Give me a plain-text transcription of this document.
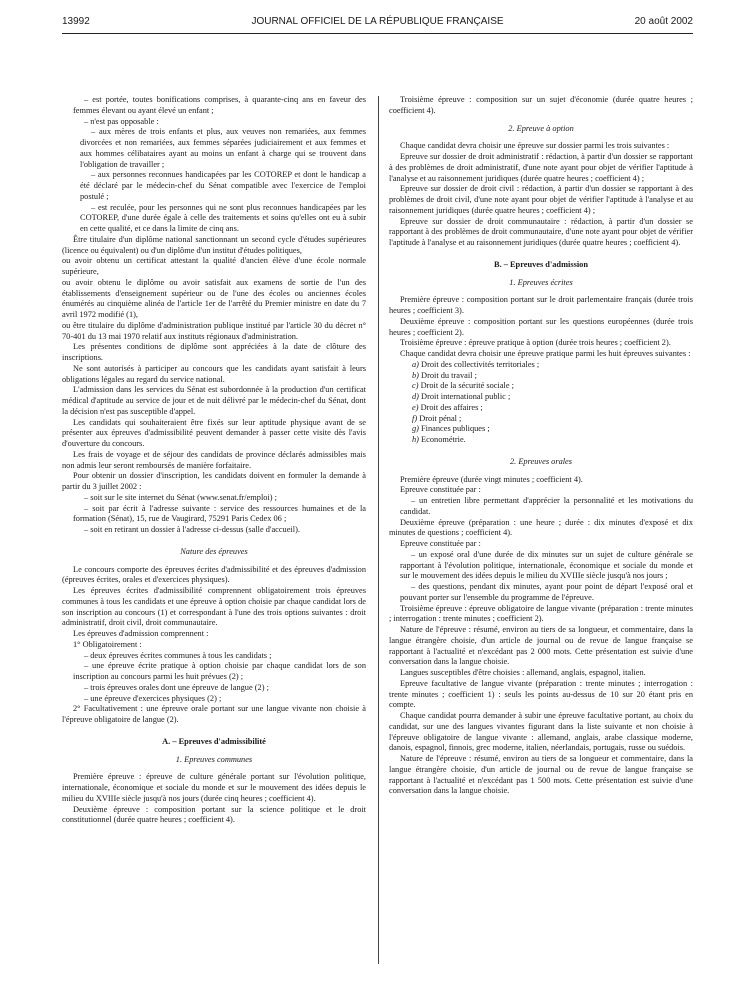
13992	JOURNAL OFFICIEL DE LA RÉPUBLIQUE FRANÇAISE	20 août 2002

– est portée, toutes bonifications comprises, à quarante-cinq ans en faveur des femmes élevant ou ayant élevé un enfant ;

– n'est pas opposable :

– aux mères de trois enfants et plus, aux veuves non remariées, aux femmes divorcées et non remariées, aux femmes séparées judiciairement et aux femmes et aux hommes célibataires ayant au moins un enfant à charge qui se trouvent dans l'obligation de travailler ;

– aux personnes reconnues handicapées par les COTOREP et dont le handicap a été déclaré par le médecin-chef du Sénat compatible avec l'exercice de l'emploi postulé ;

– est reculée, pour les personnes qui ne sont plus reconnues handicapées par les COTOREP, d'une durée égale à celle des traitements et soins qu'elles ont eu à subir en cette qualité, et ce dans la limite de cinq ans.

Être titulaire d'un diplôme national sanctionnant un second cycle d'études supérieures (licence ou équivalent) ou d'un diplôme d'un institut d'études politiques,

ou avoir obtenu un certificat attestant la qualité d'ancien élève d'une école normale supérieure,

ou avoir obtenu le diplôme ou avoir satisfait aux examens de sortie de l'un des établissements d'enseignement supérieur ou de l'une des écoles ou anciennes écoles énumérés au cinquième alinéa de l'article 1er de l'arrêté du Premier ministre en date du 7 avril 1972 modifié (1),

ou être titulaire du diplôme d'administration publique institué par l'article 30 du décret n° 70-401 du 13 mai 1970 relatif aux instituts régionaux d'administration.

Les présentes conditions de diplôme sont appréciées à la date de clôture des inscriptions.

Ne sont autorisés à participer au concours que les candidats ayant satisfait à leurs obligations légales au regard du service national.

L'admission dans les services du Sénat est subordonnée à la production d'un certificat médical d'aptitude au service de jour et de nuit délivré par le médecin-chef du Sénat, dont la décision n'est pas susceptible d'appel.

Les candidats qui souhaiteraient être fixés sur leur aptitude physique avant de se présenter aux épreuves d'admissibilité peuvent demander à passer cette visite dès l'avis d'ouverture du concours.

Les frais de voyage et de séjour des candidats de province déclarés admissibles mais non admis leur seront remboursés de manière forfaitaire.

Pour obtenir un dossier d'inscription, les candidats doivent en formuler la demande à partir du 3 juillet 2002 :

– soit sur le site internet du Sénat (www.senat.fr/emploi) ;

– soit par écrit à l'adresse suivante : service des ressources humaines et de la formation (Sénat), 15, rue de Vaugirard, 75291 Paris Cedex 06 ;

– soit en retirant un dossier à l'adresse ci-dessus (salle d'accueil).

Nature des épreuves

Le concours comporte des épreuves écrites d'admissibilité et des épreuves d'admission (épreuves écrites, orales et d'exercices physiques).

Les épreuves écrites d'admissibilité comprennent obligatoirement trois épreuves communes à tous les candidats et une épreuve à option choisie par chaque candidat lors de son inscription au concours (1) et correspondant à l'une des trois options suivantes : droit administratif, droit civil, droit communautaire.

Les épreuves d'admission comprennent :

1° Obligatoirement :

– deux épreuves écrites communes à tous les candidats ;

– une épreuve écrite pratique à option choisie par chaque candidat lors de son inscription au concours parmi les huit prévues (2) ;

– trois épreuves orales dont une épreuve de langue (2) ;

– une épreuve d'exercices physiques (2) ;

2° Facultativement : une épreuve orale portant sur une langue vivante non choisie à l'épreuve obligatoire de langue (2).

A. – Epreuves d'admissibilité

1. Epreuves communes

Première épreuve : épreuve de culture générale portant sur l'évolution politique, internationale, économique et sociale du monde et sur le mouvement des idées depuis le milieu du XVIIIe siècle jusqu'à nos jours (durée cinq heures ; coefficient 4).

Deuxième épreuve : composition portant sur la science politique et le droit constitutionnel (durée quatre heures ; coefficient 4).

Troisième épreuve : composition sur un sujet d'économie (durée quatre heures ; coefficient 4).

2. Epreuve à option

Chaque candidat devra choisir une épreuve sur dossier parmi les trois suivantes :

Epreuve sur dossier de droit administratif : rédaction, à partir d'un dossier se rapportant à des problèmes de droit administratif, d'une note ayant pour objet de vérifier l'aptitude à l'analyse et au raisonnement juridiques (durée quatre heures ; coefficient 4) ;

Epreuve sur dossier de droit civil : rédaction, à partir d'un dossier se rapportant à des problèmes de droit civil, d'une note ayant pour objet de vérifier l'aptitude à l'analyse et au raisonnement juridiques (durée quatre heures ; coefficient 4) ;

Epreuve sur dossier de droit communautaire : rédaction, à partir d'un dossier se rapportant à des problèmes de droit communautaire, d'une note ayant pour objet de vérifier l'aptitude à l'analyse et au raisonnement juridiques (durée quatre heures ; coefficient 4).

B. – Epreuves d'admission

1. Epreuves écrites

Première épreuve : composition portant sur le droit parlementaire français (durée trois heures ; coefficient 3).

Deuxième épreuve : composition portant sur les questions européennes (durée trois heures ; coefficient 2).

Troisième épreuve : épreuve pratique à option (durée trois heures ; coefficient 2).

Chaque candidat devra choisir une épreuve pratique parmi les huit épreuves suivantes :

a) Droit des collectivités territoriales ;

b) Droit du travail ;

c) Droit de la sécurité sociale ;

d) Droit international public ;

e) Droit des affaires ;

f) Droit pénal ;

g) Finances publiques ;

h) Econométrie.

2. Epreuves orales

Première épreuve (durée vingt minutes ; coefficient 4).

Epreuve constituée par :

– un entretien libre permettant d'apprécier la personnalité et les motivations du candidat.

Deuxième épreuve (préparation : une heure ; durée : dix minutes d'exposé et dix minutes de questions ; coefficient 4).

Epreuve constituée par :

– un exposé oral d'une durée de dix minutes sur un sujet de culture générale se rapportant à l'évolution politique, internationale, économique et sociale du monde et sur le mouvement des idées depuis le milieu du XVIIIe siècle jusqu'à nos jours ;

– des questions, pendant dix minutes, ayant pour point de départ l'exposé oral et pouvant porter sur l'ensemble du programme de l'épreuve.

Troisième épreuve : épreuve obligatoire de langue vivante (préparation : trente minutes ; interrogation : trente minutes ; coefficient 2).

Nature de l'épreuve : résumé, environ au tiers de sa longueur, et commentaire, dans la langue étrangère choisie, d'un article de journal ou de revue de langue française se rapportant à l'actualité et n'excédant pas 2 000 mots. Cette présentation est suivie d'une conversation dans la langue choisie.

Langues susceptibles d'être choisies : allemand, anglais, espagnol, italien.

Epreuve facultative de langue vivante (préparation : trente minutes ; interrogation : trente minutes ; coefficient 1) : seuls les points au-dessus de 10 sur 20 étant pris en compte.

Chaque candidat pourra demander à subir une épreuve facultative portant, au choix du candidat, sur une des langues vivantes figurant dans la liste suivante et non choisie à l'épreuve obligatoire de langue vivante : allemand, anglais, arabe classique moderne, danois, espagnol, finnois, grec moderne, italien, néerlandais, portugais, russe ou suédois.

Nature de l'épreuve : résumé, environ au tiers de sa longueur et commentaire, dans la langue étrangère choisie, d'un article de journal ou de revue de langue française se rapportant à l'actualité et n'excédant pas 1 500 mots. Cette présentation est suivie d'une conversation dans la langue choisie.
